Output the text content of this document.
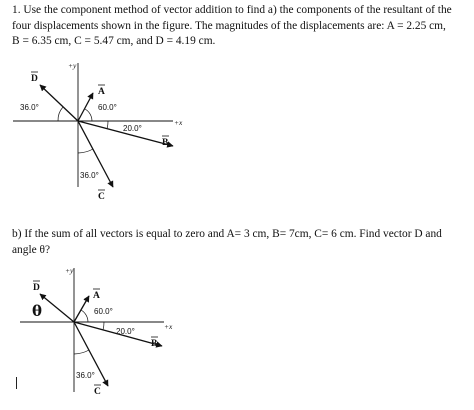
1. Use the component method of vector addition to find a) the components of the resultant of the
four displacements shown in the figure. The magnitudes of the displacements are: A = 2.25 cm,
B = 6.35 cm, C = 5.47 cm, and D = 4.19 cm.
b) If the sum of all vectors is equal to zero and A= 3 cm, B= 7cm, C= 6 cm. Find vector D and
angle θ?
+y
+x
D
A
B
C
36.0°	60.0°
20.0°
36.0°
+y
+x
D
A
B
C
θ	60.0°
20.0°
36.0°
